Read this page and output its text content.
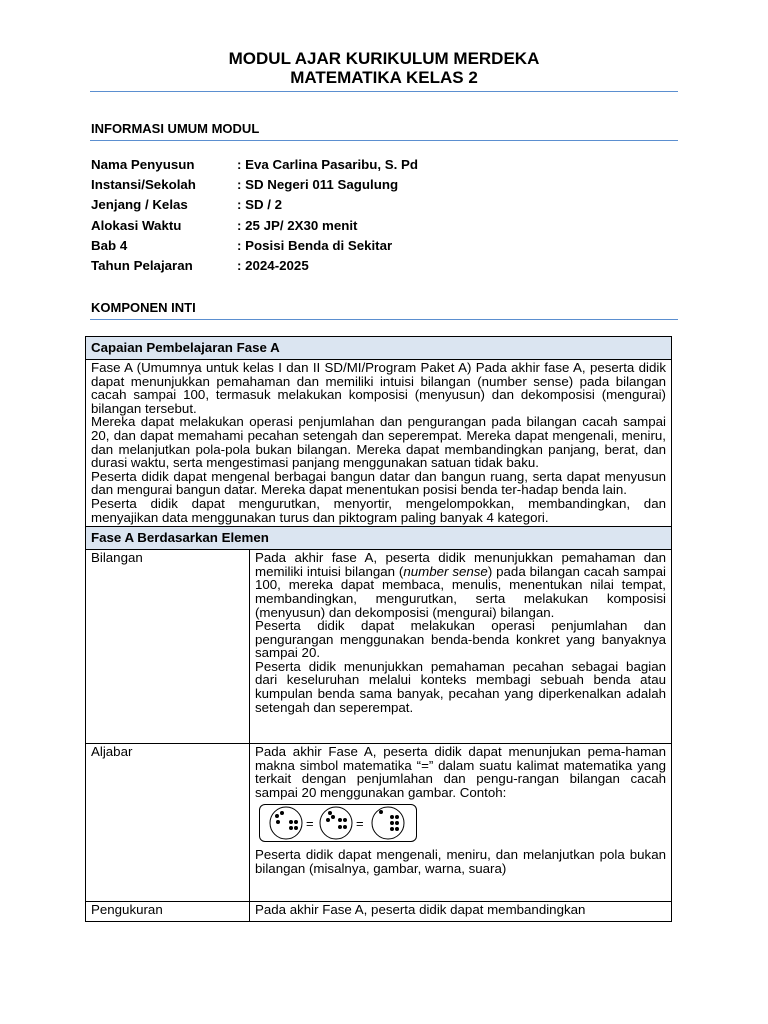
MODUL AJAR KURIKULUM MERDEKA
MATEMATIKA KELAS 2
INFORMASI UMUM MODUL
Nama Penyusun	: Eva Carlina Pasaribu, S. Pd
Instansi/Sekolah	: SD Negeri 011 Sagulung
Jenjang / Kelas	: SD / 2
Alokasi Waktu	: 25 JP/ 2X30 menit
Bab 4	: Posisi Benda di Sekitar
Tahun Pelajaran	: 2024-2025
KOMPONEN INTI
Capaian Pembelajaran Fase A	

Fase A (Umumnya untuk kelas I dan II SD/MI/Program Paket A) Pada akhir fase A, peserta didik dapat menunjukkan pemahaman dan memiliki intuisi bilangan (number sense) pada bilangan cacah sampai 100, termasuk melakukan komposisi (menyusun) dan dekomposisi (mengurai) bilangan tersebut.

Mereka dapat melakukan operasi penjumlahan dan pengurangan pada bilangan cacah sampai 20, dan dapat memahami pecahan setengah dan seperempat. Mereka dapat mengenali, meniru, dan melanjutkan pola-pola bukan bilangan. Mereka dapat membandingkan panjang, berat, dan durasi waktu, serta mengestimasi panjang menggunakan satuan tidak baku.

Peserta didik dapat mengenal berbagai bangun datar dan bangun ruang, serta dapat menyusun dan mengurai bangun datar. Mereka dapat menentukan posisi benda ter-hadap benda lain.

Peserta didik dapat mengurutkan, menyortir, mengelompokkan, membandingkan, dan menyajikan data menggunakan turus dan piktogram paling banyak 4 kategori.	

Fase A Berdasarkan Elemen	
Bilangan	Pada akhir fase A, peserta didik menunjukkan pemahaman dan memiliki intuisi bilangan (number sense) pada bilangan cacah sampai 100, mereka dapat membaca, menulis, menentukan nilai tempat, membandingkan, mengurutkan, serta melakukan komposisi (menyusun) dan dekomposisi (mengurai) bilangan.

Peserta didik dapat melakukan operasi penjumlahan dan pengurangan menggunakan benda-benda konkret yang banyaknya sampai 20.

Peserta didik menunjukkan pemahaman pecahan sebagai bagian dari keseluruhan melalui konteks membagi sebuah benda atau kumpulan benda sama banyak, pecahan yang diperkenalkan adalah setengah dan seperempat.

Aljabar	Pada akhir Fase A, peserta didik dapat menunjukan pema-haman makna simbol matematika “=” dalam suatu kalimat matematika yang terkait dengan penjumlahan dan pengu-rangan bilangan cacah sampai 20 menggunakan gambar. Contoh:

= =

Peserta didik dapat mengenali, meniru, dan melanjutkan pola bukan bilangan (misalnya, gambar, warna, suara)

Pengukuran	Pada akhir Fase A, peserta didik dapat membandingkan
